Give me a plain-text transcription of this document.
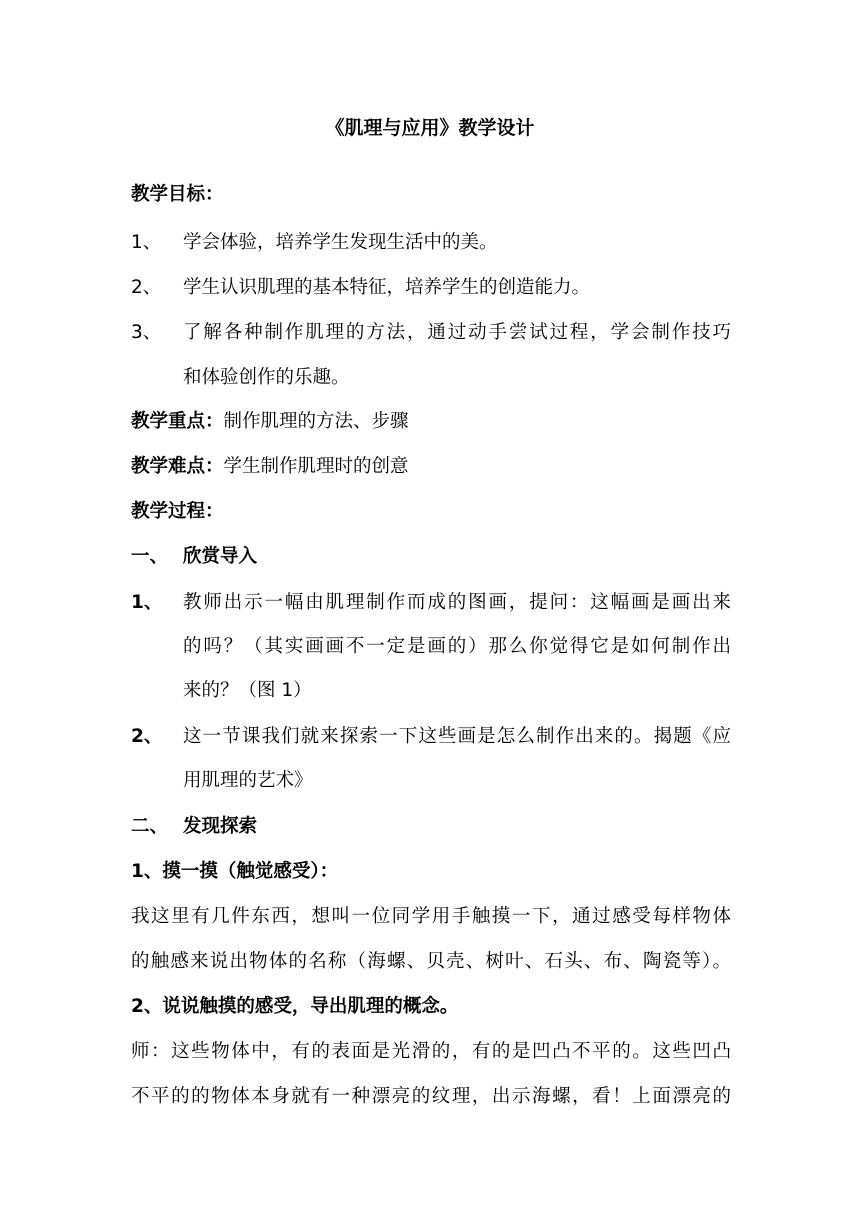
《肌理与应用》教学设计
教学目标：
1、	学会体验，培养学生发现生活中的美。
2、	学生认识肌理的基本特征，培养学生的创造能力。
3、	了解各种制作肌理的方法，通过动手尝试过程，学会制作技巧
和体验创作的乐趣。
教学重点：制作肌理的方法、步骤
教学难点：学生制作肌理时的创意
教学过程：
一、 欣赏导入
1、	教师出示一幅由肌理制作而成的图画，提问：这幅画是画出来
的吗？（其实画画不一定是画的）那么你觉得它是如何制作出
来的？（图 1）
2、	这一节课我们就来探索一下这些画是怎么制作出来的。揭题《应
用肌理的艺术》
二、 发现探索
1、摸一摸（触觉感受）：
我这里有几件东西，想叫一位同学用手触摸一下，通过感受每样物体
的触感来说出物体的名称（海螺、贝壳、树叶、石头、布、陶瓷等）。
2、说说触摸的感受，导出肌理的概念。
师：这些物体中，有的表面是光滑的，有的是凹凸不平的。这些凹凸
不平的的物体本身就有一种漂亮的纹理，出示海螺，看！上面漂亮的
